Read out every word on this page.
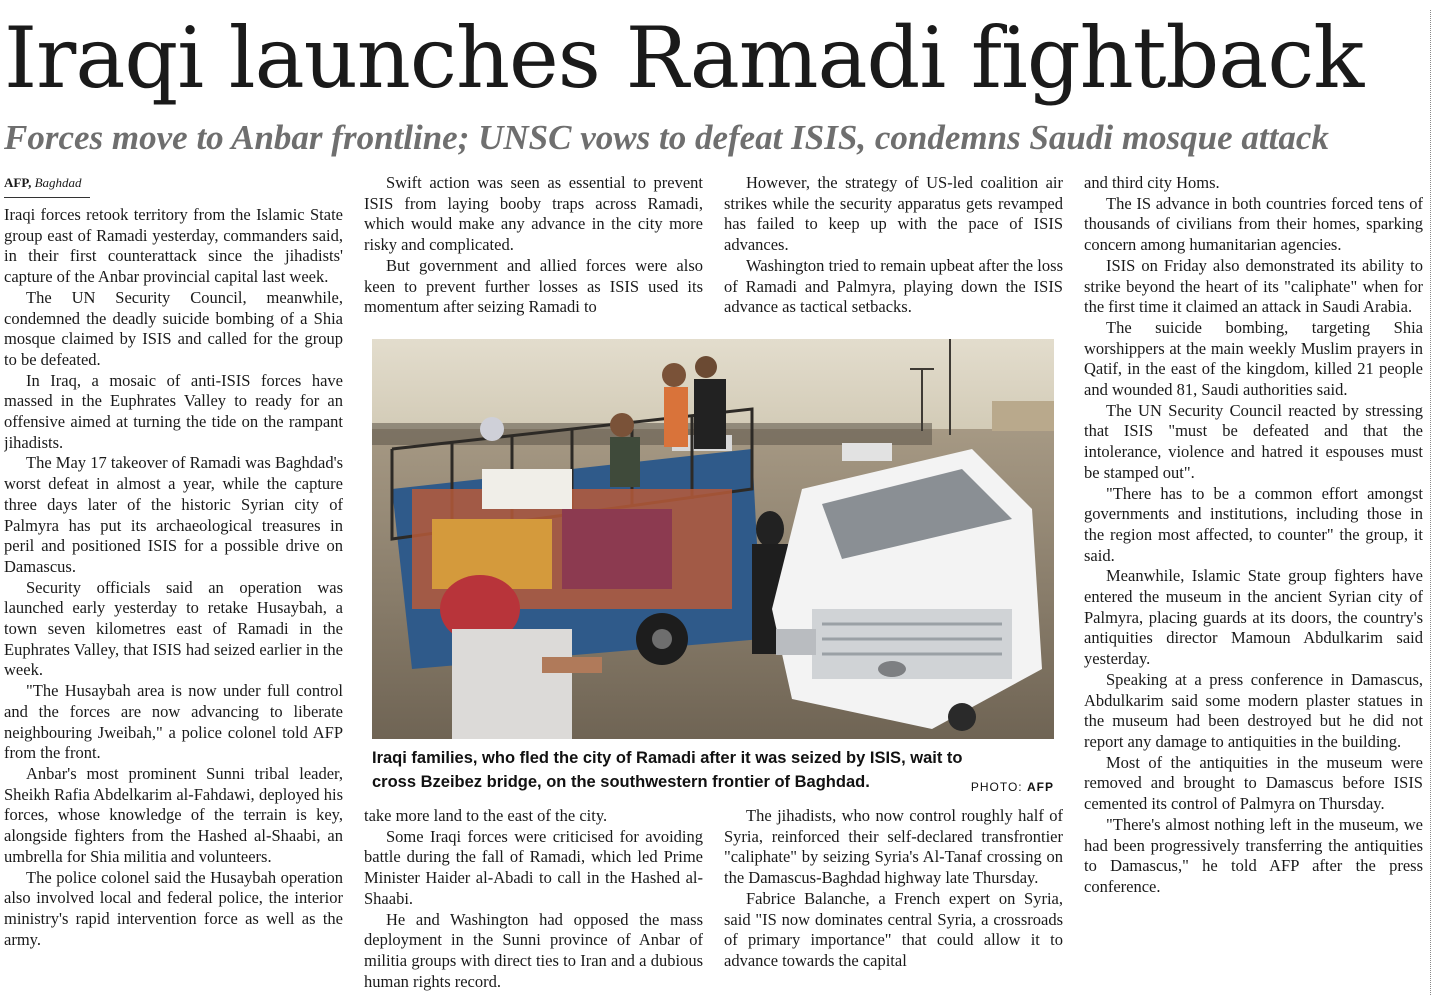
Iraqi launches Ramadi fightback
Forces move to Anbar frontline; UNSC vows to defeat ISIS, condemns Saudi mosque attack
AFP, Baghdad

Iraqi forces retook territory from the Islamic State group east of Ramadi yesterday, commanders said, in their first counterattack since the jihadists' capture of the Anbar provincial capital last week.

The UN Security Council, meanwhile, condemned the deadly suicide bombing of a Shia mosque claimed by ISIS and called for the group to be defeated.

In Iraq, a mosaic of anti-ISIS forces have massed in the Euphrates Valley to ready for an offensive aimed at turning the tide on the rampant jihadists.

The May 17 takeover of Ramadi was Baghdad's worst defeat in almost a year, while the capture three days later of the historic Syrian city of Palmyra has put its archaeological treasures in peril and positioned ISIS for a possible drive on Damascus.

Security officials said an operation was launched early yesterday to retake Husaybah, a town seven kilometres east of Ramadi in the Euphrates Valley, that ISIS had seized earlier in the week.

"The Husaybah area is now under full control and the forces are now advancing to liberate neighbouring Jweibah," a police colonel told AFP from the front.

Anbar's most prominent Sunni tribal leader, Sheikh Rafia Abdelkarim al-Fahdawi, deployed his forces, whose knowledge of the terrain is key, alongside fighters from the Hashed al-Shaabi, an umbrella for Shia militia and volunteers.

The police colonel said the Husaybah operation also involved local and federal police, the interior ministry's rapid intervention force as well as the army.

Swift action was seen as essential to prevent ISIS from laying booby traps across Ramadi, which would make any advance in the city more risky and complicated.

But government and allied forces were also keen to prevent further losses as ISIS used its momentum after seizing Ramadi to

However, the strategy of US-led coalition air strikes while the security apparatus gets revamped has failed to keep up with the pace of ISIS advances.

Washington tried to remain upbeat after the loss of Ramadi and Palmyra, playing down the ISIS advance as tactical setbacks.

Iraqi families, who fled the city of Ramadi after it was seized by ISIS, wait to cross Bzeibez bridge, on the southwestern frontier of Baghdad.	PHOTO: AFP

take more land to the east of the city.

Some Iraqi forces were criticised for avoiding battle during the fall of Ramadi, which led Prime Minister Haider al-Abadi to call in the Hashed al-Shaabi.

He and Washington had opposed the mass deployment in the Sunni province of Anbar of militia groups with direct ties to Iran and a dubious human rights record.

The jihadists, who now control roughly half of Syria, reinforced their self-declared transfrontier "caliphate" by seizing Syria's Al-Tanaf crossing on the Damascus-Baghdad highway late Thursday.

Fabrice Balanche, a French expert on Syria, said "IS now dominates central Syria, a crossroads of primary importance" that could allow it to advance towards the capital

and third city Homs.

The IS advance in both countries forced tens of thousands of civilians from their homes, sparking concern among humanitarian agencies.

ISIS on Friday also demonstrated its ability to strike beyond the heart of its "caliphate" when for the first time it claimed an attack in Saudi Arabia.

The suicide bombing, targeting Shia worshippers at the main weekly Muslim prayers in Qatif, in the east of the kingdom, killed 21 people and wounded 81, Saudi authorities said.

The UN Security Council reacted by stressing that ISIS "must be defeated and that the intolerance, violence and hatred it espouses must be stamped out".

"There has to be a common effort amongst governments and institutions, including those in the region most affected, to counter" the group, it said.

Meanwhile, Islamic State group fighters have entered the museum in the ancient Syrian city of Palmyra, placing guards at its doors, the country's antiquities director Mamoun Abdulkarim said yesterday.

Speaking at a press conference in Damascus, Abdulkarim said some modern plaster statues in the museum had been destroyed but he did not report any damage to antiquities in the building.

Most of the antiquities in the museum were removed and brought to Damascus before ISIS cemented its control of Palmyra on Thursday.

"There's almost nothing left in the museum, we had been progressively transferring the antiquities to Damascus," he told AFP after the press conference.
